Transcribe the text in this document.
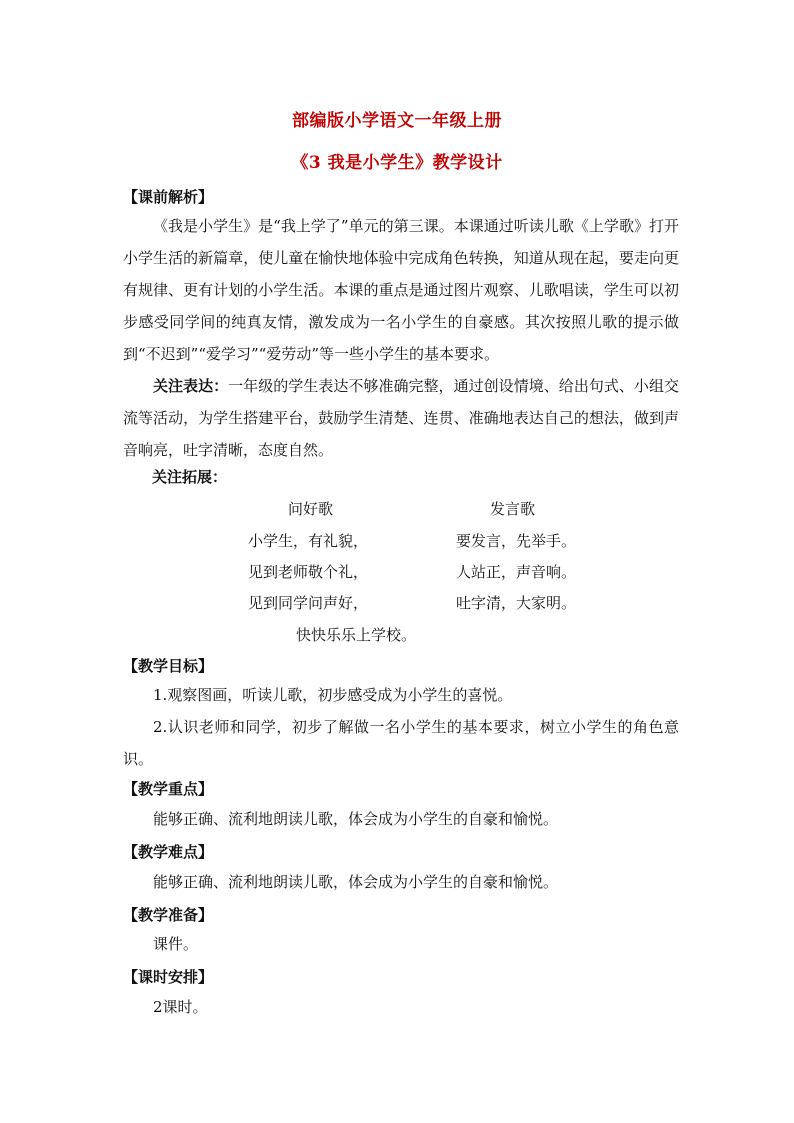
部编版小学语文一年级上册
《3 我是小学生》教学设计
【课前解析】
《我是小学生》是“我上学了”单元的第三课。本课通过听读儿歌《上学歌》打开小学生活的新篇章，使儿童在愉快地体验中完成角色转换，知道从现在起，要走向更有规律、更有计划的小学生活。本课的重点是通过图片观察、儿歌唱读，学生可以初步感受同学间的纯真友情，激发成为一名小学生的自豪感。其次按照儿歌的提示做到“不迟到”“爱学习”“爱劳动”等一些小学生的基本要求。
关注表达：一年级的学生表达不够准确完整，通过创设情境、给出句式、小组交流等活动，为学生搭建平台，鼓励学生清楚、连贯、准确地表达自己的想法，做到声音响亮，吐字清晰，态度自然。
关注拓展：
问好歌
小学生，有礼貌，
见到老师敬个礼，
见到同学问声好，
快快乐乐上学校。
发言歌
要发言，先举手。
人站正，声音响。
吐字清，大家明。
【教学目标】
1.观察图画，听读儿歌，初步感受成为小学生的喜悦。
2.认识老师和同学，初步了解做一名小学生的基本要求，树立小学生的角色意识。
【教学重点】
能够正确、流利地朗读儿歌，体会成为小学生的自豪和愉悦。
【教学难点】
能够正确、流利地朗读儿歌，体会成为小学生的自豪和愉悦。
【教学准备】
课件。
【课时安排】
2课时。
